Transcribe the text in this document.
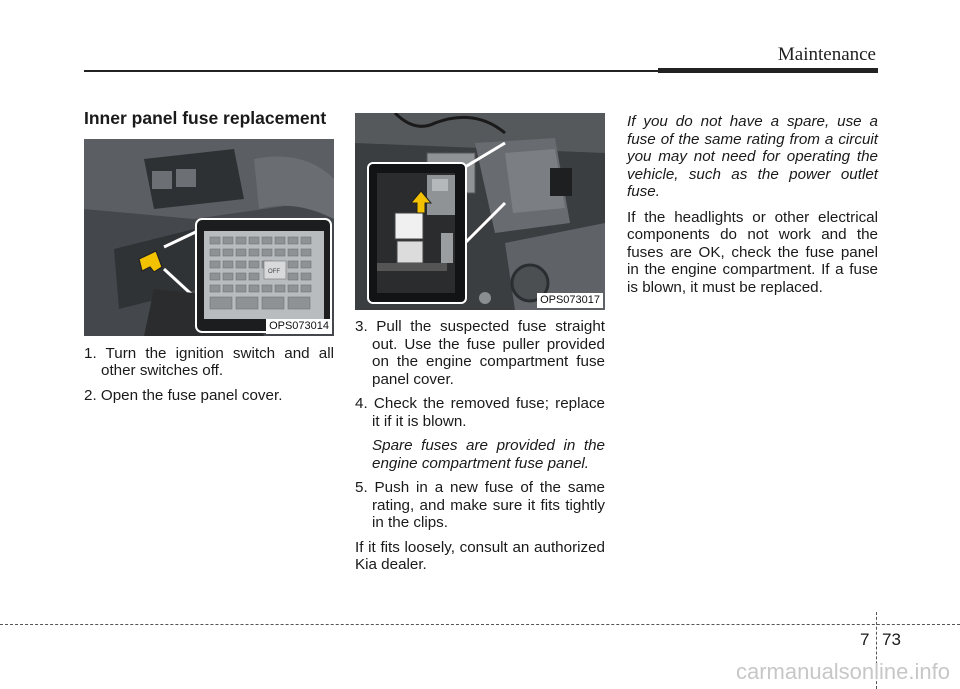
Maintenance
Inner panel fuse replacement
OFF
OPS073014

1. Turn the ignition switch and all other switches off.

2. Open the fuse panel cover.

OPS073017

3. Pull the suspected fuse straight out. Use the fuse puller provided on the engine compartment fuse panel cover.

4. Check the removed fuse; replace it if it is blown.

Spare fuses are provided in the engine compartment fuse panel.

5. Push in a new fuse of the same rating, and make sure it fits tightly in the clips.

If it fits loosely, consult an authorized Kia dealer.

If you do not have a spare, use a fuse of the same rating from a circuit you may not need for operating the vehicle, such as the power outlet fuse.

If the headlights or other electrical components do not work and the fuses are OK, check the fuse panel in the engine compartment. If a fuse is blown, it must be replaced.

7 73
carmanualsonline.info
